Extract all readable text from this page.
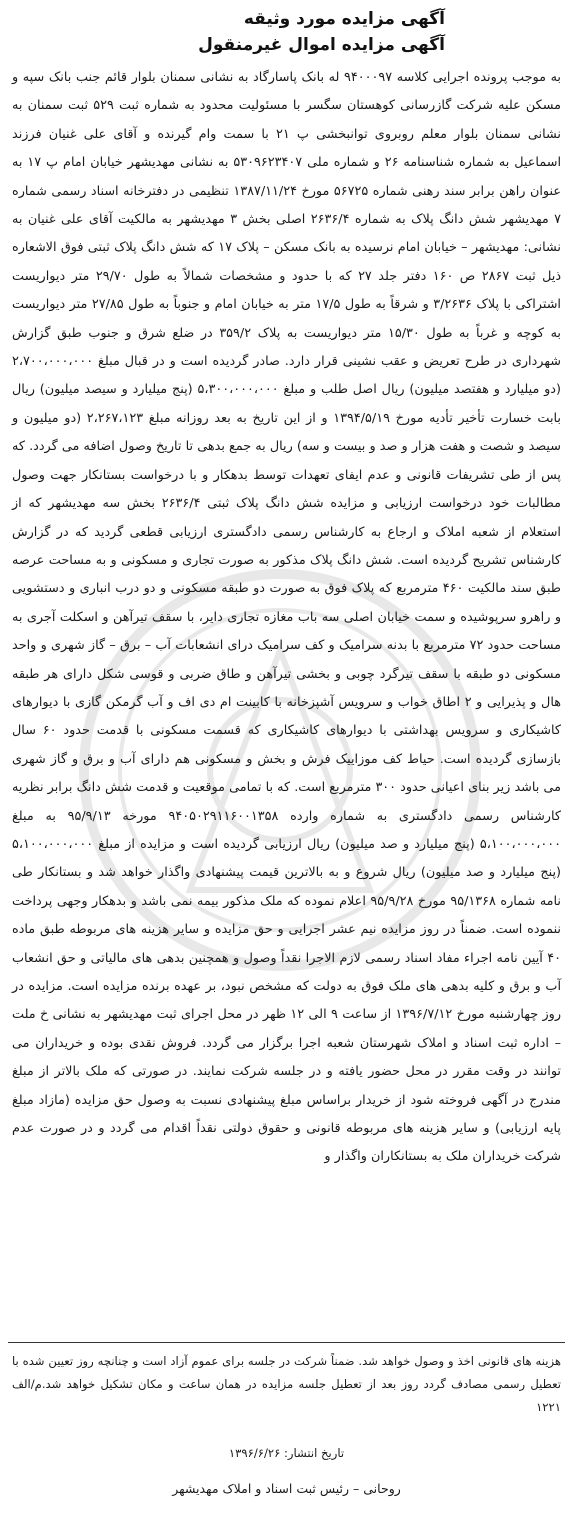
آگهی مزایده مورد وثیقه
آگهی مزایده اموال غیرمنقول

به موجب پرونده اجرایی کلاسه ۹۴۰۰۰۹۷ له بانک پاسارگاد به نشانی سمنان بلوار قائم جنب بانک سپه و مسکن علیه شرکت گازرسانی کوهستان سگسر با مسئولیت محدود به شماره ثبت ۵۲۹ ثبت سمنان به نشانی سمنان بلوار معلم روبروی توانبخشی پ ۲۱ با سمت وام گیرنده و آقای علی غنیان فرزند اسماعیل به شماره شناسنامه ۲۶ و شماره ملی ۵۳۰۹۶۲۳۴۰۷ به نشانی مهدیشهر خیابان امام پ ۱۷ به عنوان راهن برابر سند رهنی شماره ۵۶۷۲۵ مورخ ۱۳۸۷/۱۱/۲۴ تنظیمی در دفترخانه اسناد رسمی شماره ۷ مهدیشهر شش دانگ پلاک به شماره ۲۶۳۶/۴ اصلی بخش ۳ مهدیشهر به مالکیت آقای علی غنیان به نشانی: مهدیشهر – خیابان امام نرسیده به بانک مسکن – پلاک ۱۷ که شش دانگ پلاک ثبتی فوق الاشعاره ذیل ثبت ۲۸۶۷ ص ۱۶۰ دفتر جلد ۲۷ که با حدود و مشخصات شمالاً به طول ۲۹/۷۰ متر دیواریست اشتراکی با پلاک ۳/۲۶۳۶ و شرقاً به طول ۱۷/۵ متر به خیابان امام و جنوباً به طول ۲۷/۸۵ متر دیواریست به کوچه و غرباً به طول ۱۵/۳۰ متر دیواریست به پلاک ۳۵۹/۲ در ضلع شرق و جنوب طبق گزارش شهرداری در طرح تعریض و عقب نشینی قرار دارد. صادر گردیده است و در قبال مبلغ ۲،۷۰۰،۰۰۰،۰۰۰ (دو میلیارد و هفتصد میلیون) ریال اصل طلب و مبلغ ۵،۳۰۰،۰۰۰،۰۰۰ (پنج میلیارد و سیصد میلیون) ریال بابت خسارت تأخیر تأدیه مورخ ۱۳۹۴/۵/۱۹ و از این تاریخ به بعد روزانه مبلغ ۲،۲۶۷،۱۲۳ (دو میلیون و سیصد و شصت و هفت هزار و صد و بیست و سه) ریال به جمع بدهی تا تاریخ وصول اضافه می گردد. که پس از طی تشریفات قانونی و عدم ایفای تعهدات توسط بدهکار و با درخواست بستانکار جهت وصول مطالبات خود درخواست ارزیابی و مزایده شش دانگ پلاک ثبتی ۲۶۳۶/۴ بخش سه مهدیشهر که از استعلام از شعبه املاک و ارجاع به کارشناس رسمی دادگستری ارزیابی قطعی گردید که در گزارش کارشناس تشریح گردیده است. شش دانگ پلاک مذکور به صورت تجاری و مسکونی و به مساحت عرصه طبق سند مالکیت ۴۶۰ مترمربع که پلاک فوق به صورت دو طبقه مسکونی و دو درب انباری و دستشویی و راهرو سرپوشیده و سمت خیابان اصلی سه باب مغازه تجاری دایر، با سقف تیرآهن و اسکلت آجری به مساحت حدود ۷۲ مترمربع با بدنه سرامیک و کف سرامیک درای انشعابات آب – برق – گاز شهری و واحد مسکونی دو طبقه با سقف تیرگرد چوبی و بخشی تیرآهن و طاق ضربی و قوسی شکل دارای هر طبقه هال و پذیرایی و ۲ اطاق خواب و سرویس آشپزخانه با کابینت ام دی اف و آب گرمکن گازی با دیوارهای کاشیکاری و سرویس بهداشتی با دیوارهای کاشیکاری که قسمت مسکونی با قدمت حدود ۶۰ سال بازسازی گردیده است. حیاط کف موزاییک فرش و بخش و مسکونی هم دارای آب و برق و گاز شهری می باشد زیر بنای اعیانی حدود ۳۰۰ مترمربع است. که با تمامی موقعیت و قدمت شش دانگ برابر نظریه کارشناس رسمی دادگستری به شماره وارده ۹۴۰۵۰۲۹۱۱۶۰۰۱۳۵۸ مورخه ۹۵/۹/۱۳ به مبلغ ۵،۱۰۰،۰۰۰،۰۰۰ (پنج میلیارد و صد میلیون) ریال ارزیابی گردیده است و مزایده از مبلغ ۵،۱۰۰،۰۰۰،۰۰۰ (پنج میلیارد و صد میلیون) ریال شروع و به بالاترین قیمت پیشنهادی واگذار خواهد شد و بستانکار طی نامه شماره ۹۵/۱۳۶۸ مورخ ۹۵/۹/۲۸ اعلام نموده که ملک مذکور بیمه نمی باشد و بدهکار وجهی پرداخت ننموده است. ضمناً در روز مزایده نیم عشر اجرایی و حق مزایده و سایر هزینه های مربوطه طبق ماده ۴۰ آیین نامه اجراء مفاد اسناد رسمی لازم الاجرا نقداً وصول و همچنین بدهی های مالیاتی و حق انشعاب آب و برق و کلیه بدهی های ملک فوق به دولت که مشخص نبود، بر عهده برنده مزایده است. مزایده در روز چهارشنبه مورخ ۱۳۹۶/۷/۱۲ از ساعت ۹ الی ۱۲ ظهر در محل اجرای ثبت مهدیشهر به نشانی خ ملت – اداره ثبت اسناد و املاک شهرستان شعبه اجرا برگزار می گردد. فروش نقدی بوده و خریداران می توانند در وقت مقرر در محل حضور یافته و در جلسه شرکت نمایند. در صورتی که ملک بالاتر از مبلغ مندرج در آگهی فروخته شود از خریدار براساس مبلغ پیشنهادی نسبت به وصول حق مزایده (مازاد مبلغ پایه ارزیابی) و سایر هزینه های مربوطه قانونی و حقوق دولتی نقداً اقدام می گردد و در صورت عدم شرکت خریداران ملک به بستانکاران واگذار و

هزینه های قانونی اخذ و وصول خواهد شد. ضمناً شرکت در جلسه برای عموم آزاد است و چنانچه روز تعیین شده با تعطیل رسمی مصادف گردد روز بعد از تعطیل جلسه مزایده در همان ساعت و مکان تشکیل خواهد شد.م/الف ۱۲۲۱

تاریخ انتشار: ۱۳۹۶/۶/۲۶
روحانی – رئیس ثبت اسناد و املاک مهدیشهر
